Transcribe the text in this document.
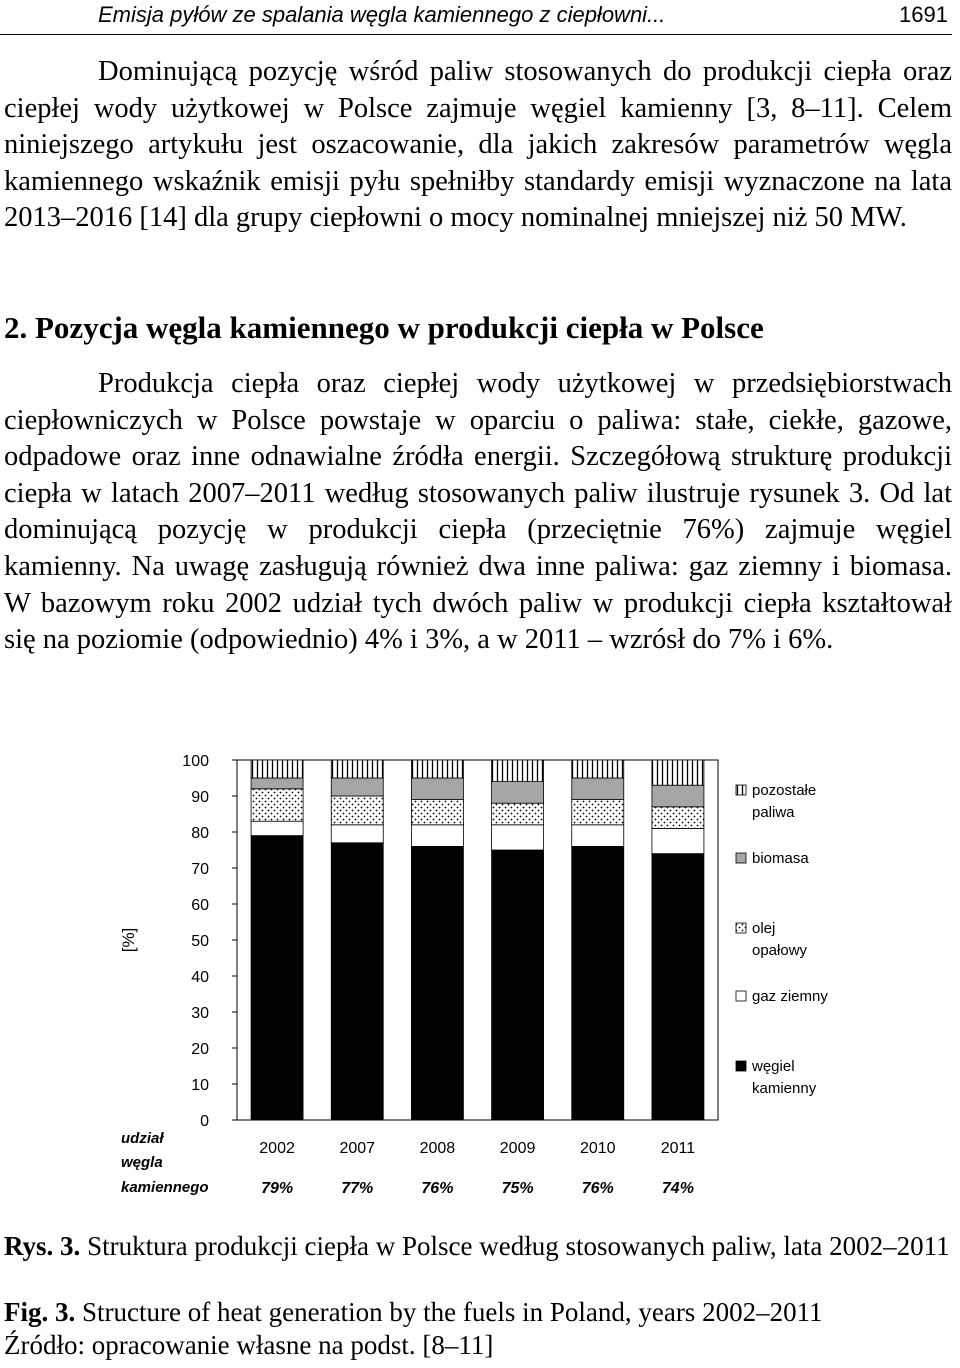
Emisja pyłów ze spalania węgla kamiennego z ciepłowni...	1691

Dominującą pozycję wśród paliw stosowanych do produkcji ciepła oraz ciepłej wody użytkowej w Polsce zajmuje węgiel kamienny [3, 8–11]. Celem niniejszego artykułu jest oszacowanie, dla jakich zakresów parametrów węgla kamiennego wskaźnik emisji pyłu spełniłby standardy emisji wyznaczone na lata 2013–2016 [14] dla grupy ciepłowni o mocy nominalnej mniejszej niż 50 MW.

2. Pozycja węgla kamiennego w produkcji ciepła w Polsce

Produkcja ciepła oraz ciepłej wody użytkowej w przedsiębiorstwach ciepłowniczych w Polsce powstaje w oparciu o paliwa: stałe, ciekłe, gazowe, odpadowe oraz inne odnawialne źródła energii. Szczegółową strukturę produkcji ciepła w latach 2007–2011 według stosowanych paliw ilustruje rysunek 3. Od lat dominującą pozycję w produkcji ciepła (przeciętnie 76%) zajmuje węgiel kamienny. Na uwagę zasługują również dwa inne paliwa: gaz ziemny i biomasa. W bazowym roku 2002 udział tych dwóch paliw w produkcji ciepła kształtował się na poziomie (odpowiednio) 4% i 3%, a w 2011 – wzrósł do 7% i 6%.

0
10
20
30
40
50
60
70
80
90
100
[%]
2002
79%
2007
77%
2008
76%
2009
75%
2010
76%
2011
74%
udział
węgla
kamiennego
pozostałe
paliwa
biomasa
olej
opałowy
gaz ziemny
węgiel
kamienny

Rys. 3. Struktura produkcji ciepła w Polsce według stosowanych paliw, lata 2002–2011

Fig. 3. Structure of heat generation by the fuels in Poland, years 2002–2011

Źródło: opracowanie własne na podst. [8–11]
